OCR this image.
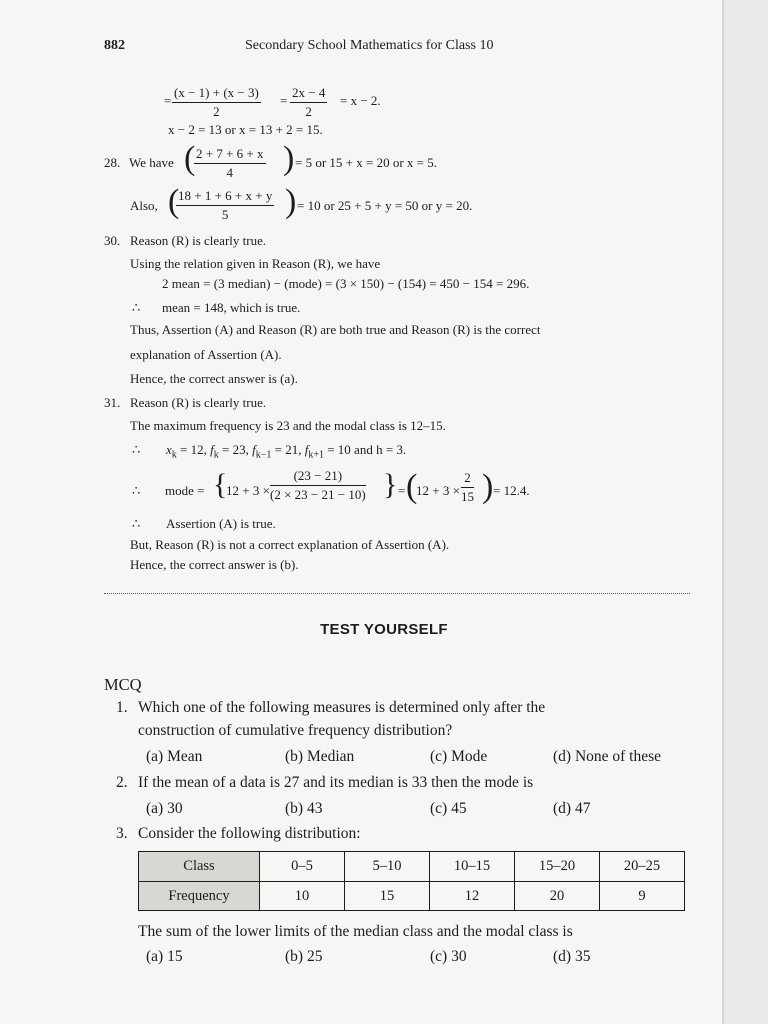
882	Secondary School Mathematics for Class 10
= $\frac{(x - 1) + (x - 3)}{2} = \frac{2x - 4}{2} = x - 2$.
x − 2 = 13 or x = 13 + 2 = 15.
28. We have (
$\frac{2 + 7 + 6 + x}{4}$ ) = 5 or 15 + x = 20 or x = 5.
Also, (
$\frac{18 + 1 + 6 + x + y}{5}$ ) = 10 or 25 + 5 + y = 50 or y = 20.
30. Reason (R) is clearly true.
Using the relation given in Reason (R), we have
2 mean = (3 median) − (mode) = (3 × 150) − (154) = 450 − 154 = 296.
∴ mean = 148, which is true.
Thus, Assertion (A) and Reason (R) are both true and Reason (R) is the correct
explanation of Assertion (A).
Hence, the correct answer is (a).
31. Reason (R) is clearly true.
The maximum frequency is 23 and the modal class is 12–15.
∴ $x_k = 12$, $f_k = 23$, $f_{k-1} = 21$, $f_{k+1} = 10$ and h = 3.
∴ mode = {
$12 + 3 \times \frac{(23 - 21)}{(2 \times 23 - 21 - 10)}$ } = (
$12 + 3 \times \frac{2}{15}$ ) = 12.4.
∴ Assertion (A) is true.
But, Reason (R) is not a correct explanation of Assertion (A).
Hence, the correct answer is (b).
TEST YOURSELF
MCQ
1. Which one of the following measures is determined only after the
construction of cumulative frequency distribution?
(a) Mean	(b) Median	(c) Mode	(d) None of these
2. If the mean of a data is 27 and its median is 33 then the mode is
(a) 30	(b) 43	(c) 45	(d) 47
3. Consider the following distribution:
Class	0–5	5–10	10–15	15–20	20–25
Frequency	10	15	12	20	9
The sum of the lower limits of the median class and the modal class is
(a) 15	(b) 25	(c) 30	(d) 35
